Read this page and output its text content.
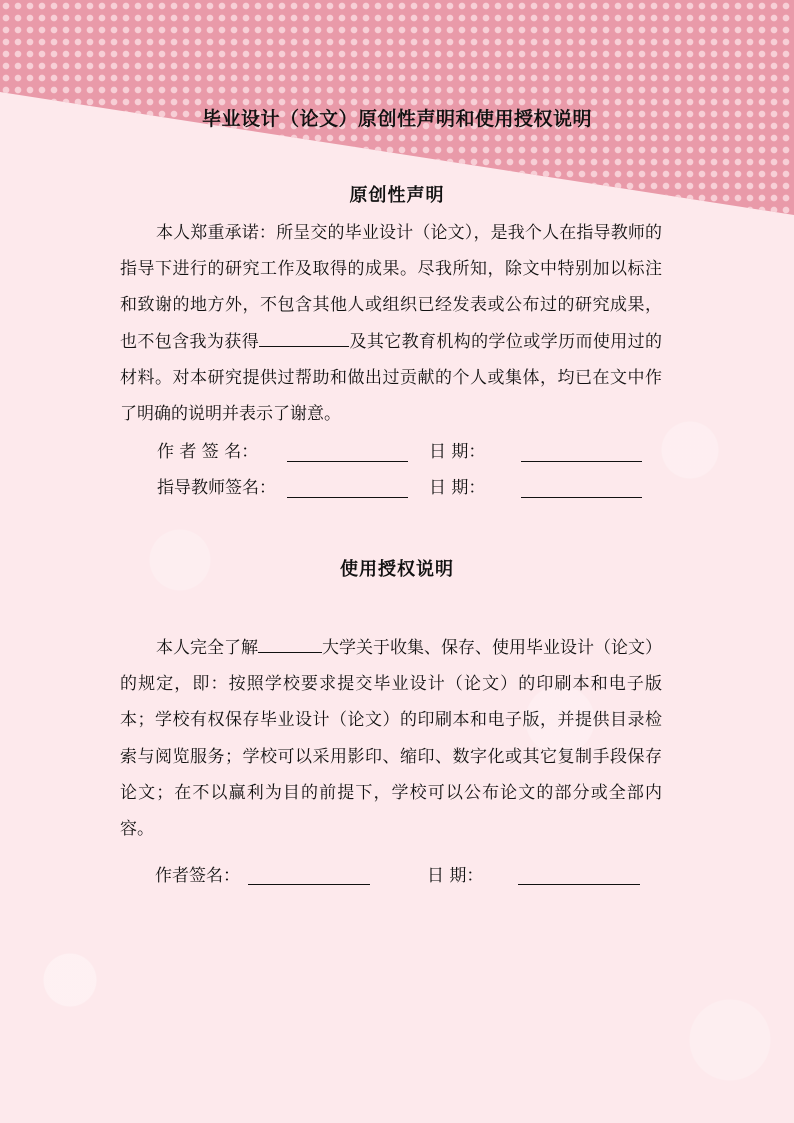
毕业设计（论文）原创性声明和使用授权说明
原创性声明
本人郑重承诺：所呈交的毕业设计（论文），是我个人在指导教师的指导下进行的研究工作及取得的成果。尽我所知，除文中特别加以标注和致谢的地方外，不包含其他人或组织已经发表或公布过的研究成果，也不包含我为获得	及其它教育机构的学位或学历而使用过的材料。对本研究提供过帮助和做出过贡献的个人或集体，均已在文中作了明确的说明并表示了谢意。
作 者 签 名：	日 期：
指导教师签名：	日 期：
使用授权说明
本人完全了解	大学关于收集、保存、使用毕业设计（论文）的规定，即：按照学校要求提交毕业设计（论文）的印刷本和电子版本；学校有权保存毕业设计（论文）的印刷本和电子版，并提供目录检索与阅览服务；学校可以采用影印、缩印、数字化或其它复制手段保存论文；在不以赢利为目的前提下，学校可以公布论文的部分或全部内容。
作者签名：	日 期：
